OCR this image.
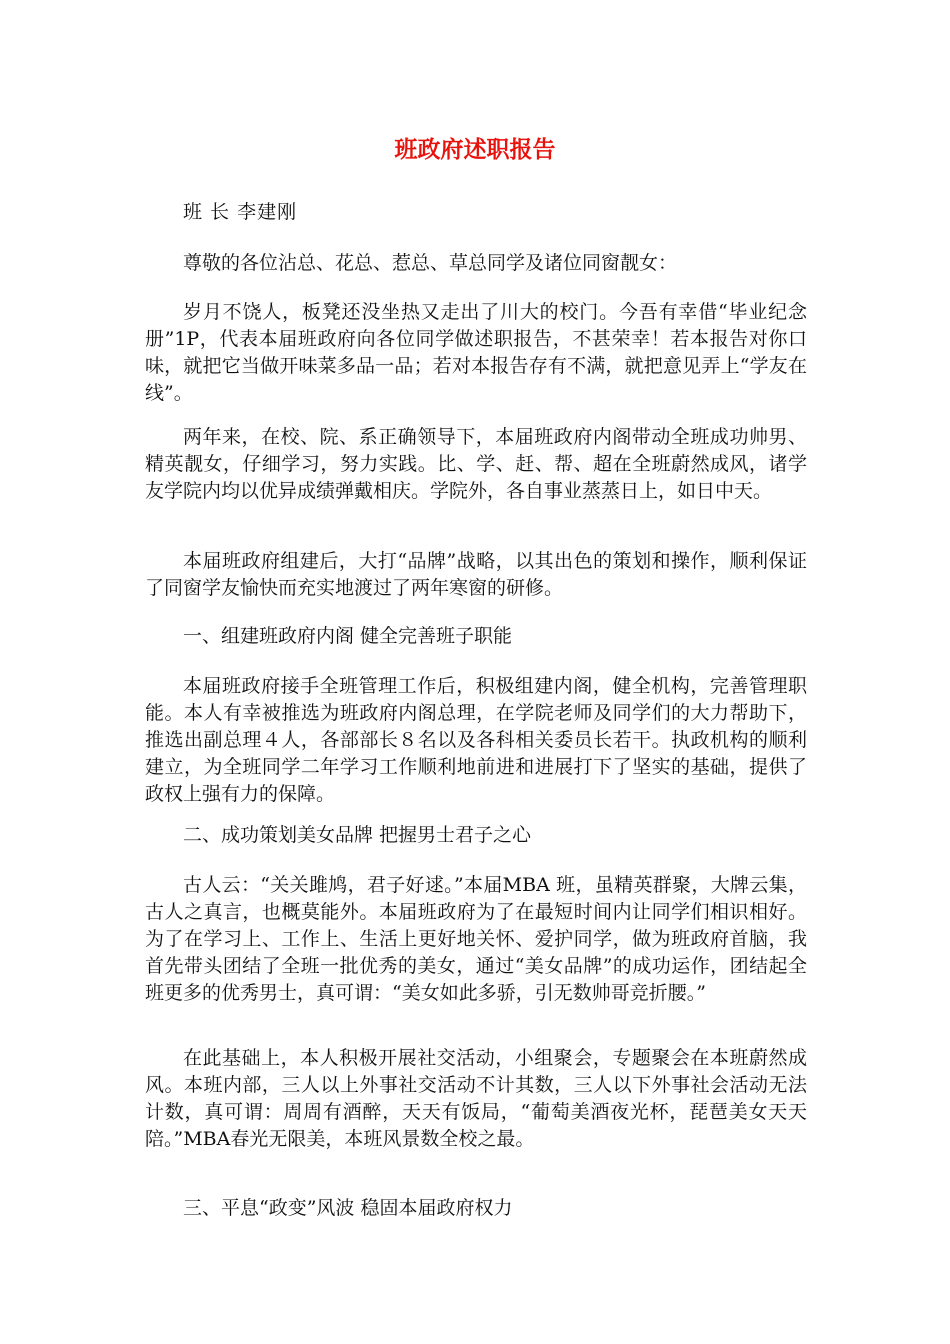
班政府述职报告

班 长 李建刚

尊敬的各位沾总、花总、惹总、草总同学及诸位同窗靓女：

岁月不饶人，板凳还没坐热又走出了川大的校门。今吾有幸借“毕业纪念册”1P，代表本届班政府向各位同学做述职报告，不甚荣幸！若本报告对你口味，就把它当做开味菜多品一品；若对本报告存有不满，就把意见弄上“学友在线”。

两年来，在校、院、系正确领导下，本届班政府内阁带动全班成功帅男、精英靓女，仔细学习，努力实践。比、学、赶、帮、超在全班蔚然成风，诸学友学院内均以优异成绩弹戴相庆。学院外，各自事业蒸蒸日上，如日中天。

本届班政府组建后，大打“品牌”战略，以其出色的策划和操作，顺利保证了同窗学友愉快而充实地渡过了两年寒窗的研修。

一、组建班政府内阁 健全完善班子职能

本届班政府接手全班管理工作后，积极组建内阁，健全机构，完善管理职能。本人有幸被推选为班政府内阁总理，在学院老师及同学们的大力帮助下，推选出副总理４人，各部部长８名以及各科相关委员长若干。执政机构的顺利建立，为全班同学二年学习工作顺利地前进和进展打下了坚实的基础，提供了政权上强有力的保障。

二、成功策划美女品牌 把握男士君子之心

古人云：“关关雎鸠，君子好逑。”本届MBA 班，虽精英群聚，大牌云集，古人之真言，也概莫能外。本届班政府为了在最短时间内让同学们相识相好。为了在学习上、工作上、生活上更好地关怀、爱护同学，做为班政府首脑，我首先带头团结了全班一批优秀的美女，通过“美女品牌”的成功运作，团结起全班更多的优秀男士，真可谓：“美女如此多骄，引无数帅哥竞折腰。”

在此基础上，本人积极开展社交活动，小组聚会，专题聚会在本班蔚然成风。本班内部，三人以上外事社交活动不计其数，三人以下外事社会活动无法计数，真可谓：周周有酒醉，天天有饭局，“葡萄美酒夜光杯，琵琶美女天天陪。”MBA春光无限美，本班风景数全校之最。

三、平息“政变”风波 稳固本届政府权力
